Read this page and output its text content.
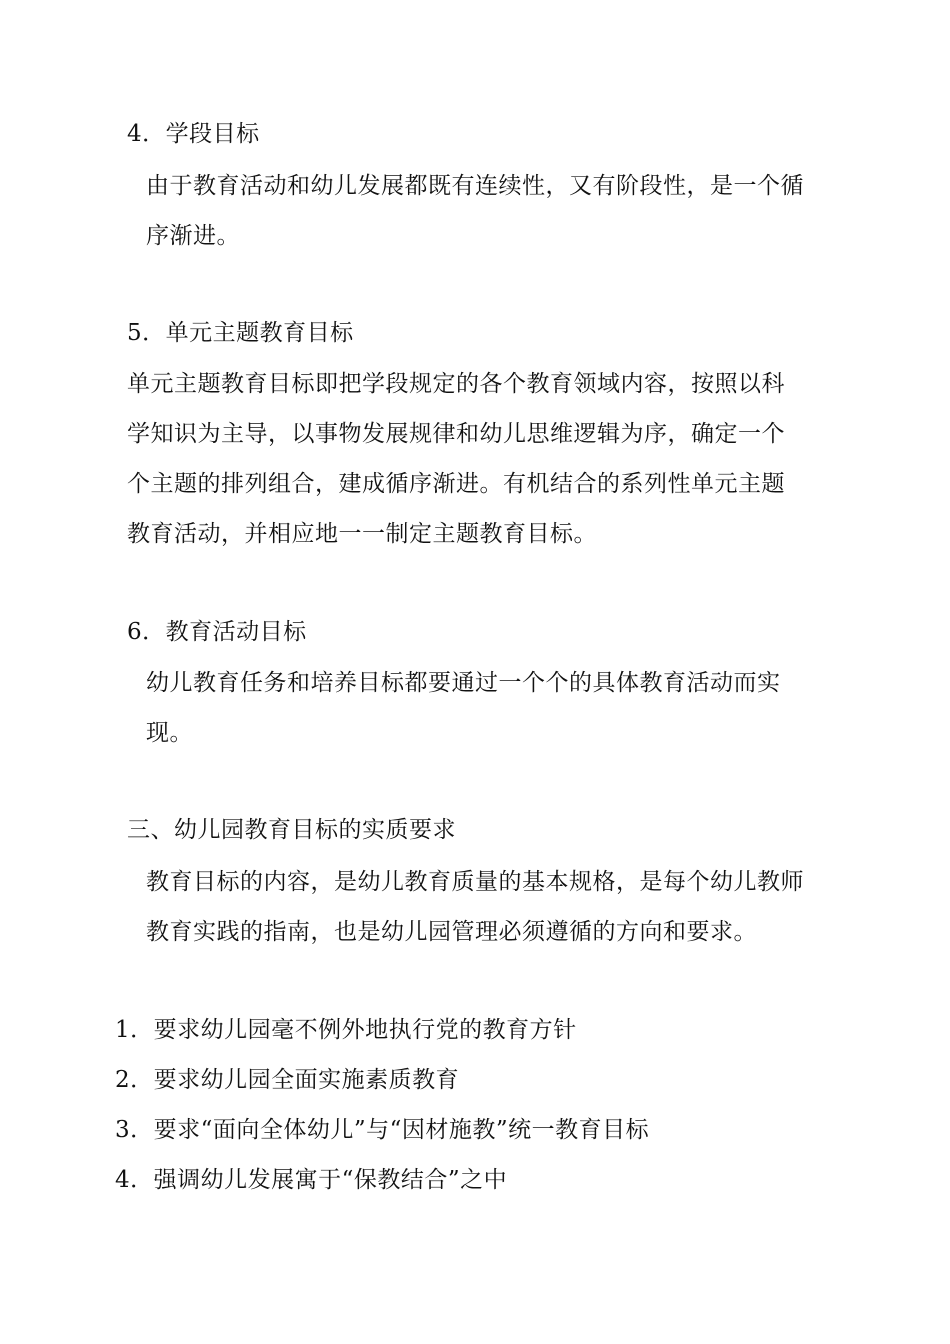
4．学段目标
由于教育活动和幼儿发展都既有连续性，又有阶段性，是一个循
序渐进。
5．单元主题教育目标
单元主题教育目标即把学段规定的各个教育领域内容，按照以科
学知识为主导，以事物发展规律和幼儿思维逻辑为序，确定一个
个主题的排列组合，建成循序渐进。有机结合的系列性单元主题
教育活动，并相应地一一制定主题教育目标。
6．教育活动目标
幼儿教育任务和培养目标都要通过一个个的具体教育活动而实
现。
三、幼儿园教育目标的实质要求
教育目标的内容，是幼儿教育质量的基本规格，是每个幼儿教师
教育实践的指南，也是幼儿园管理必须遵循的方向和要求。
1．要求幼儿园毫不例外地执行党的教育方针
2．要求幼儿园全面实施素质教育
3．要求“面向全体幼儿”与“因材施教”统一教育目标
4．强调幼儿发展寓于“保教结合”之中
